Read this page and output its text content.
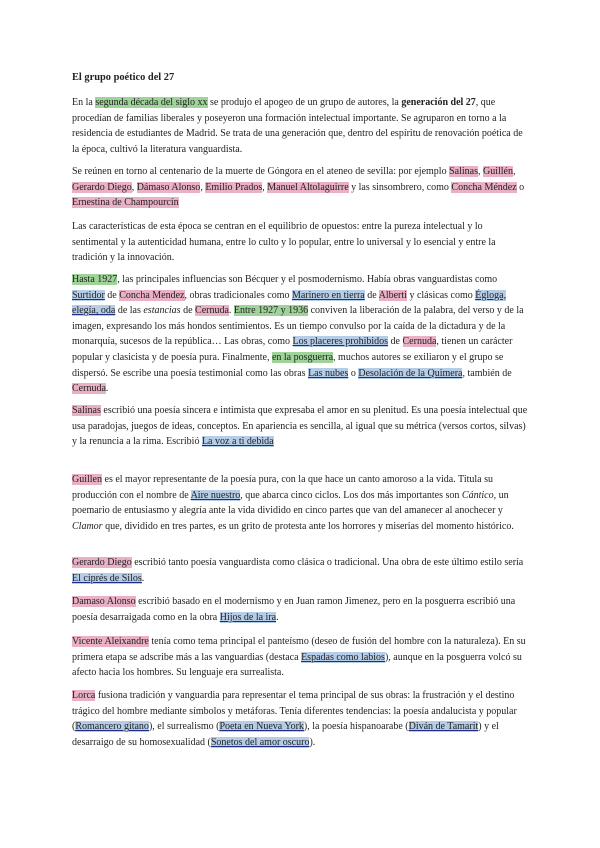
El grupo poético del 27

En la segunda década del siglo xx se produjo el apogeo de un grupo de autores, la generación del 27, que procedían de familias liberales y poseyeron una formación intelectual importante. Se agruparon en torno a la residencia de estudiantes de Madrid. Se trata de una generación que, dentro del espíritu de renovación poética de la época, cultivó la literatura vanguardista.

Se reúnen en torno al centenario de la muerte de Góngora en el ateneo de sevilla: por ejemplo Salinas, Guillén, Gerardo Diego, Dámaso Alonso, Emilio Prados, Manuel Altolaguirre y las sinsombrero, como Concha Méndez o Ernestina de Champourcín

Las características de esta época se centran en el equilibrio de opuestos: entre la pureza intelectual y lo sentimental y la autenticidad humana, entre lo culto y lo popular, entre lo universal y lo esencial y entre la tradición y la innovación.

Hasta 1927, las principales influencias son Bécquer y el posmodernismo. Había obras vanguardistas como Surtidor de Concha Mendez, obras tradicionales como Marinero en tierra de Alberti y clásicas como Égloga, elegía, oda de las estancias de Cernuda. Entre 1927 y 1936 conviven la liberación de la palabra, del verso y de la imagen, expresando los más hondos sentimientos. Es un tiempo convulso por la caída de la dictadura y de la monarquía, sucesos de la república… Las obras, como Los placeres prohibidos de Cernuda, tienen un carácter popular y clasicista y de poesía pura. Finalmente, en la posguerra, muchos autores se exiliaron y el grupo se dispersó. Se escribe una poesía testimonial como las obras Las nubes o Desolación de la Quimera, también de Cernuda.

Salinas escribió una poesía sincera e intimista que expresaba el amor en su plenitud. Es una poesía intelectual que usa paradojas, juegos de ideas, conceptos. En apariencia es sencilla, al igual que su métrica (versos cortos, silvas) y la renuncia a la rima. Escribió La voz a ti debida

Guillen es el mayor representante de la poesía pura, con la que hace un canto amoroso a la vida. Titula su producción con el nombre de Aire nuestro, que abarca cinco ciclos. Los dos más importantes son Cántico, un poemario de entusiasmo y alegría ante la vida dividido en cinco partes que van del amanecer al anochecer y Clamor que, dividido en tres partes, es un grito de protesta ante los horrores y miserias del momento histórico.

Gerardo Diego escribió tanto poesía vanguardista como clásica o tradicional. Una obra de este último estilo sería El ciprés de Silos.

Damaso Alonso escribió basado en el modernismo y en Juan ramon Jimenez, pero en la posguerra escribió una poesía desarraigada como en la obra Hijos de la ira.

Vicente Aleixandre tenía como tema principal el panteísmo (deseo de fusión del hombre con la naturaleza). En su primera etapa se adscribe más a las vanguardias (destaca Espadas como labios), aunque en la posguerra volcó su afecto hacia los hombres. Su lenguaje era surrealista.

Lorca fusiona tradición y vanguardia para representar el tema principal de sus obras: la frustración y el destino trágico del hombre mediante símbolos y metáforas. Tenía diferentes tendencias: la poesía andalucista y popular (Romancero gitano), el surrealismo (Poeta en Nueva York), la poesía hispanoarabe (Diván de Tamarit) y el desarraigo de su homosexualidad (Sonetos del amor oscuro).
